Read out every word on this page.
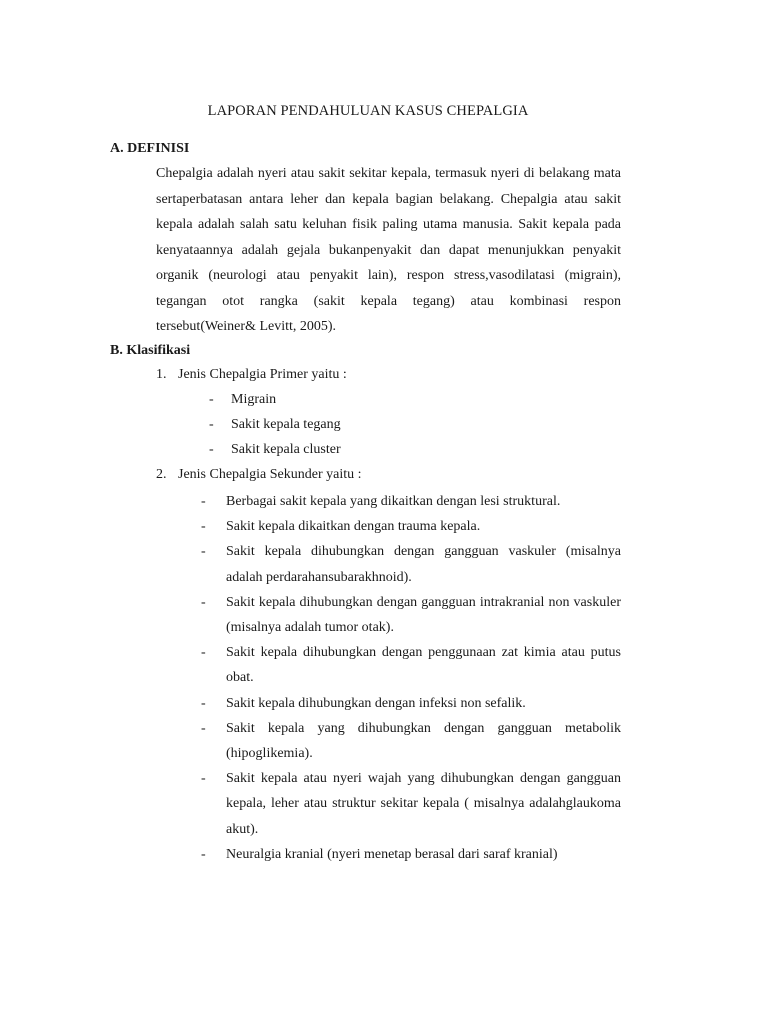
LAPORAN PENDAHULUAN KASUS CHEPALGIA
A. DEFINISI
Chepalgia adalah nyeri atau sakit sekitar kepala, termasuk nyeri di belakang mata sertaperbatasan antara leher dan kepala bagian belakang. Chepalgia atau sakit kepala adalah salah satu keluhan fisik paling utama manusia. Sakit kepala pada kenyataannya adalah gejala bukanpenyakit dan dapat menunjukkan penyakit organik (neurologi atau penyakit lain), respon stress,vasodilatasi (migrain), tegangan otot rangka (sakit kepala tegang) atau kombinasi respon tersebut(Weiner& Levitt, 2005).
B. Klasifikasi
1. Jenis Chepalgia Primer yaitu :
- Migrain
- Sakit kepala tegang
- Sakit kepala cluster
2. Jenis Chepalgia Sekunder yaitu :
- Berbagai sakit kepala yang dikaitkan dengan lesi struktural.
- Sakit kepala dikaitkan dengan trauma kepala.
- Sakit kepala dihubungkan dengan gangguan vaskuler (misalnya adalah perdarahansubarakhnoid).
- Sakit kepala dihubungkan dengan gangguan intrakranial non vaskuler (misalnya adalah tumor otak).
- Sakit kepala dihubungkan dengan penggunaan zat kimia atau putus obat.
- Sakit kepala dihubungkan dengan infeksi non sefalik.
- Sakit kepala yang dihubungkan dengan gangguan metabolik (hipoglikemia).
- Sakit kepala atau nyeri wajah yang dihubungkan dengan gangguan kepala, leher atau struktur sekitar kepala ( misalnya adalahglaukoma akut).
- Neuralgia kranial (nyeri menetap berasal dari saraf kranial)
